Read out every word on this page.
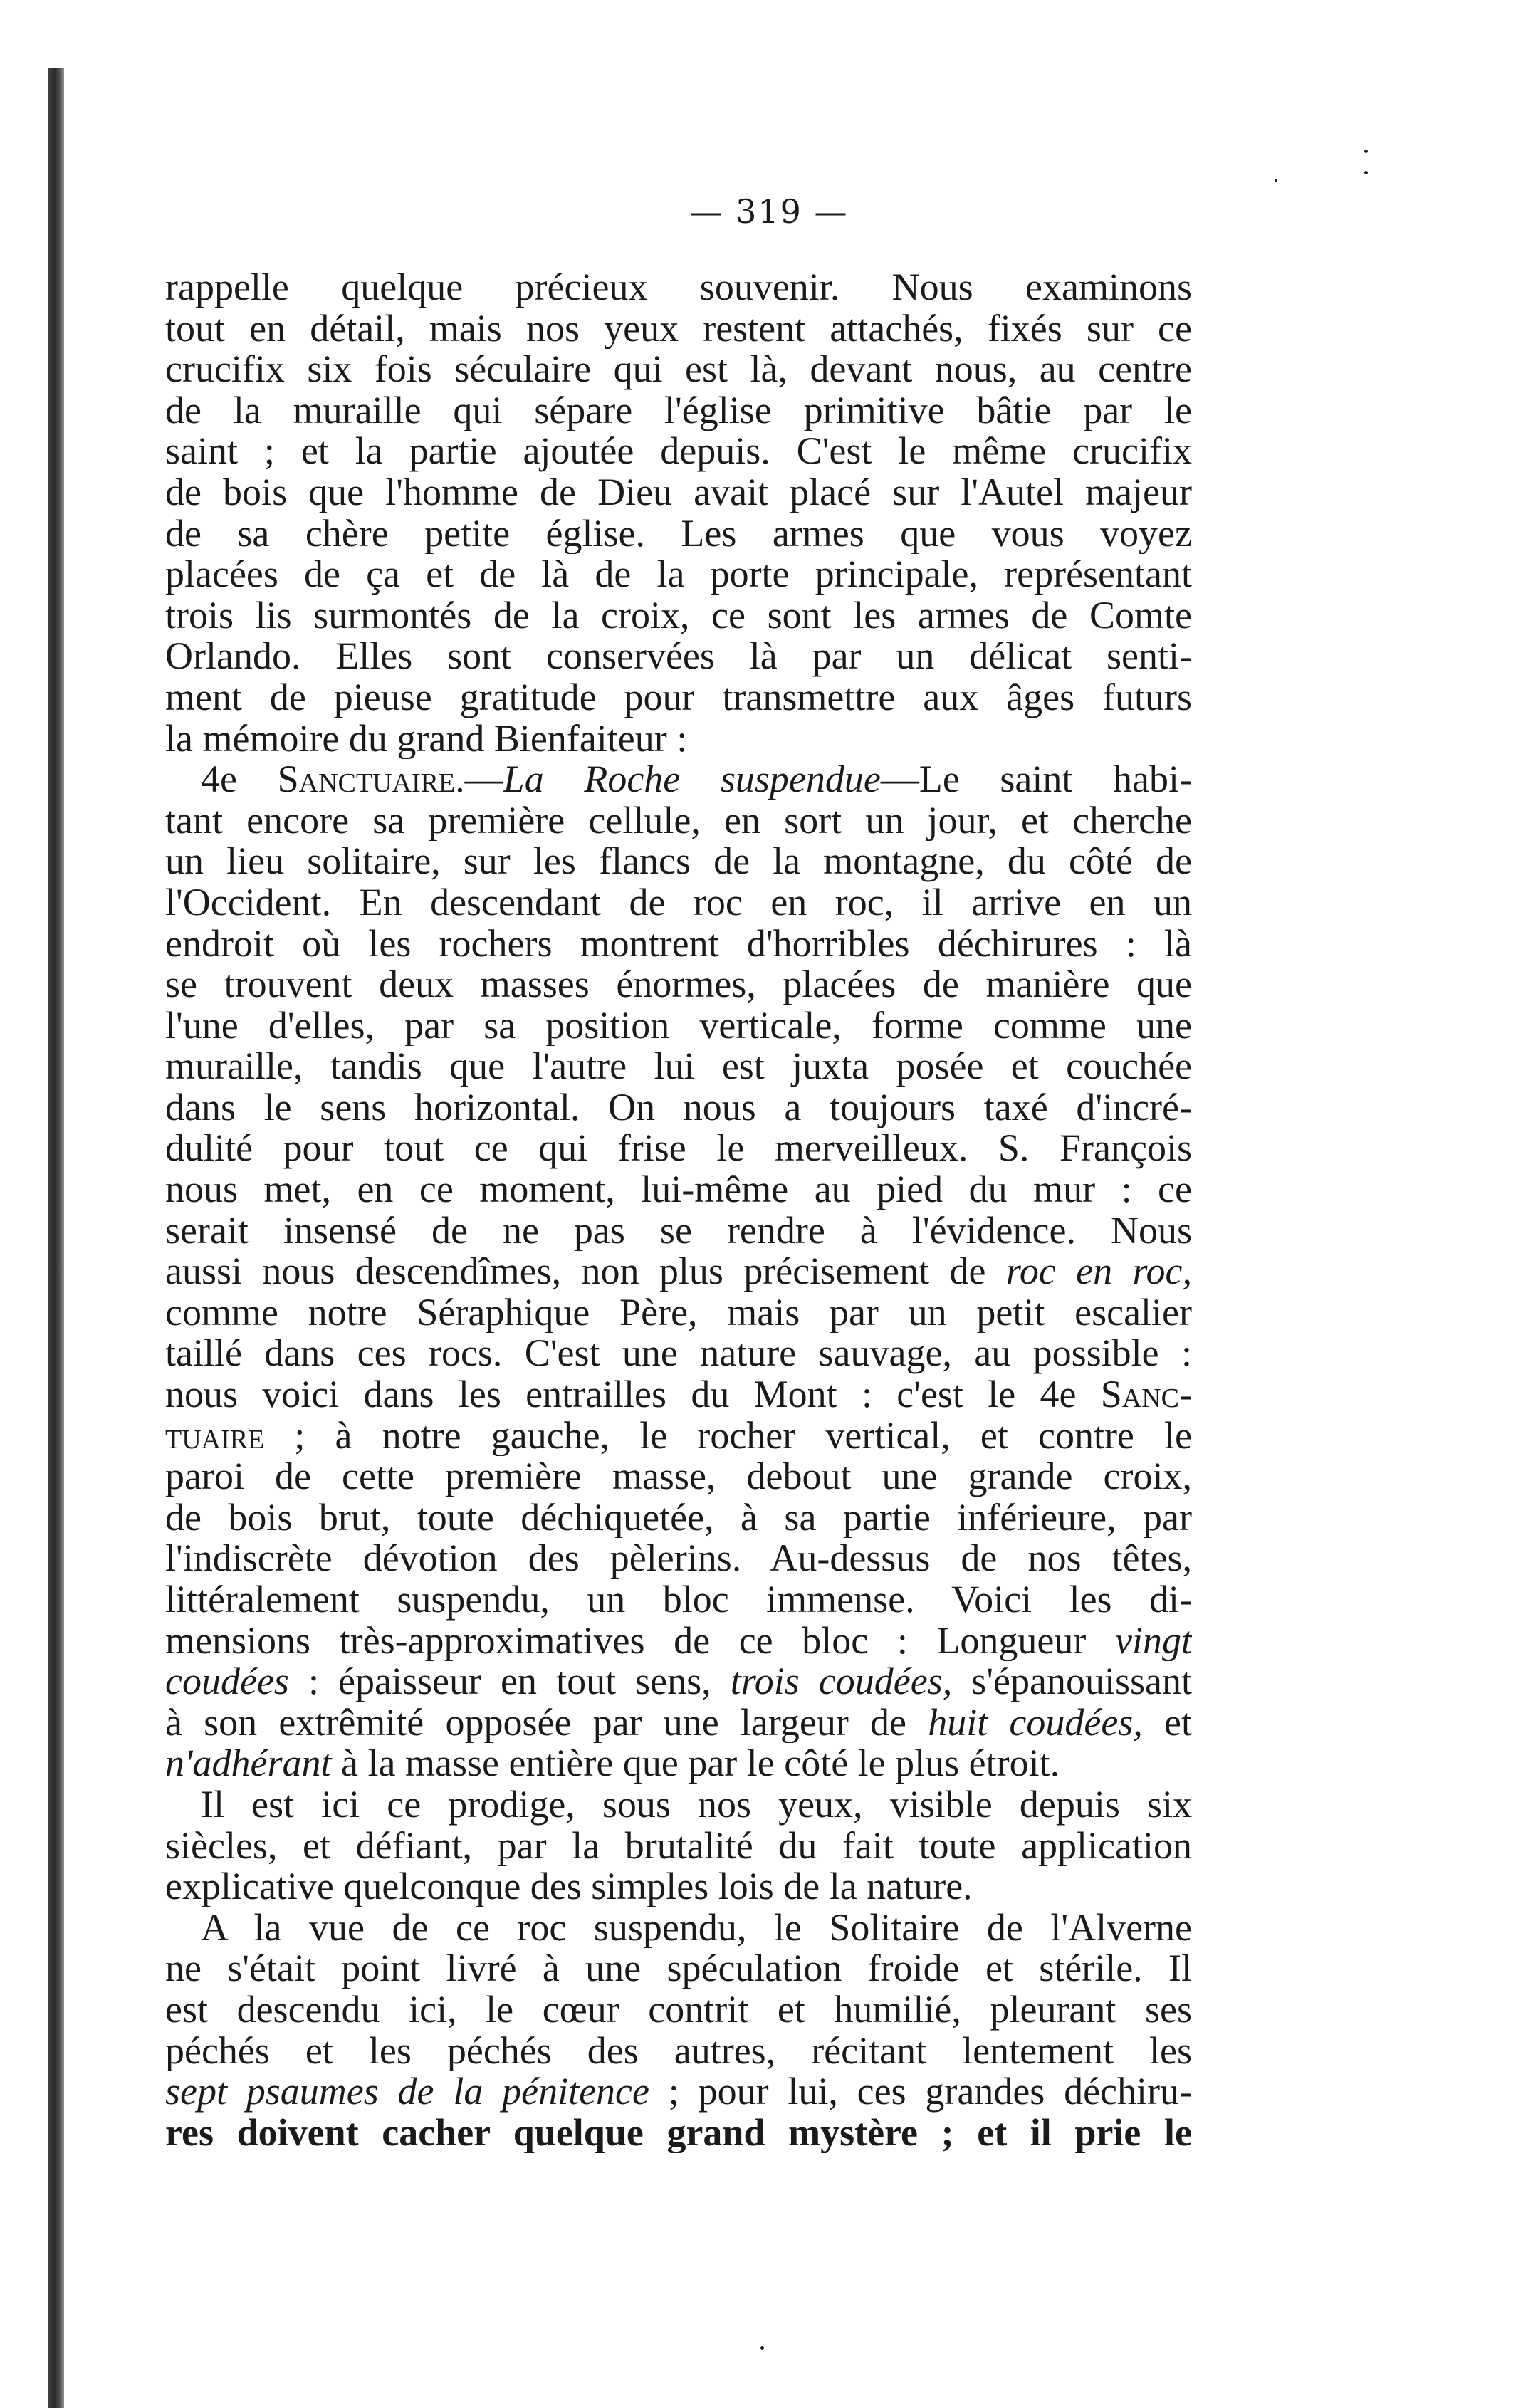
— 319 —
rappelle quelque précieux souvenir. Nous examinons
tout en détail, mais nos yeux restent attachés, fixés sur ce
crucifix six fois séculaire qui est là, devant nous, au centre
de la muraille qui sépare l'église primitive bâtie par le
saint ; et la partie ajoutée depuis. C'est le même crucifix
de bois que l'homme de Dieu avait placé sur l'Autel majeur
de sa chère petite église. Les armes que vous voyez
placées de ça et de là de la porte principale, représentant
trois lis surmontés de la croix, ce sont les armes de Comte
Orlando. Elles sont conservées là par un délicat senti-
ment de pieuse gratitude pour transmettre aux âges futurs
la mémoire du grand Bienfaiteur :
4e Sanctuaire.—La Roche suspendue—Le saint habi-
tant encore sa première cellule, en sort un jour, et cherche
un lieu solitaire, sur les flancs de la montagne, du côté de
l'Occident. En descendant de roc en roc, il arrive en un
endroit où les rochers montrent d'horribles déchirures : là
se trouvent deux masses énormes, placées de manière que
l'une d'elles, par sa position verticale, forme comme une
muraille, tandis que l'autre lui est juxta posée et couchée
dans le sens horizontal. On nous a toujours taxé d'incré-
dulité pour tout ce qui frise le merveilleux. S. François
nous met, en ce moment, lui-même au pied du mur : ce
serait insensé de ne pas se rendre à l'évidence. Nous
aussi nous descendîmes, non plus précisement de roc en roc,
comme notre Séraphique Père, mais par un petit escalier
taillé dans ces rocs. C'est une nature sauvage, au possible :
nous voici dans les entrailles du Mont : c'est le 4e Sanc-
tuaire ; à notre gauche, le rocher vertical, et contre le
paroi de cette première masse, debout une grande croix,
de bois brut, toute déchiquetée, à sa partie inférieure, par
l'indiscrète dévotion des pèlerins. Au-dessus de nos têtes,
littéralement suspendu, un bloc immense. Voici les di-
mensions très-approximatives de ce bloc : Longueur vingt
coudées : épaisseur en tout sens, trois coudées, s'épanouissant
à son extrêmité opposée par une largeur de huit coudées, et
n'adhérant à la masse entière que par le côté le plus étroit.
Il est ici ce prodige, sous nos yeux, visible depuis six
siècles, et défiant, par la brutalité du fait toute application
explicative quelconque des simples lois de la nature.
A la vue de ce roc suspendu, le Solitaire de l'Alverne
ne s'était point livré à une spéculation froide et stérile. Il
est descendu ici, le cœur contrit et humilié, pleurant ses
péchés et les péchés des autres, récitant lentement les
sept psaumes de la pénitence ; pour lui, ces grandes déchiru-
res doivent cacher quelque grand mystère ; et il prie le
